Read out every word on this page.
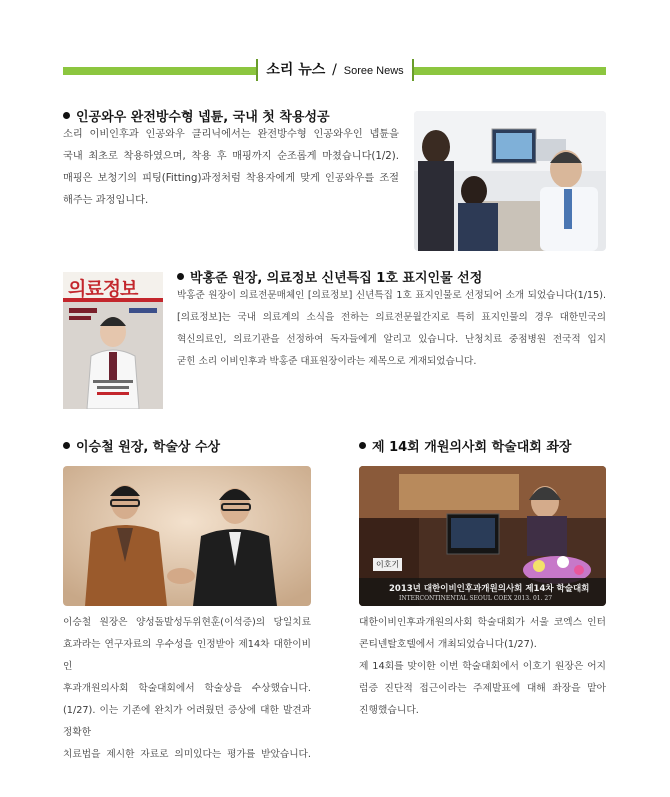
소리 뉴스 / Soree News
인공와우 완전방수형 넵튠, 국내 첫 착용성공
소리 이비인후과 인공와우 클리닉에서는 완전방수형 인공와우인 넵튠을
국내 최초로 착용하였으며, 착용 후 매핑까지 순조롭게 마쳤습니다(1/2).
매핑은 보청기의 피팅(Fitting)과정처럼 착용자에게 맞게 인공와우를 조절
해주는 과정입니다.
의료정보	박홍준 원장, 의료정보 신년특집 1호 표지인물 선정
박홍준 원장이 의료전문매체인 [의료정보] 신년특집 1호 표지인물로 선정되어 소개 되었습니다(1/15).
[의료정보]는 국내 의료계의 소식을 전하는 의료전문월간지로 특히 표지인물의 경우 대한민국의
혁신의료인, 의료기관을 선정하여 독자들에게 알리고 있습니다. 난청치료 중점병원 전국적 입지
굳힌 소리 이비인후과 박홍준 대표원장이라는 제목으로 게재되었습니다.
이승철 원장, 학술상 수상
이승철 원장은 양성돌발성두위현훈(이석증)의 당일치료
효과라는 연구자료의 우수성을 인정받아 제14차 대한이비인
후과개원의사회 학술대회에서 학술상을 수상했습니다.
(1/27). 이는 기존에 완치가 어려웠던 증상에 대한 발견과 정확한
치료법을 제시한 자료로 의미있다는 평가를 받았습니다.
제 14회 개원의사회 학술대회 좌장
이호기
2013년 대한이비인후과개원의사회 제14차 학술대회
INTERCONTINENTAL SEOUL COEX 2013. 01. 27
대한이비인후과개원의사회 학술대회가 서울 코엑스 인터
콘티넨탈호텔에서 개최되었습니다(1/27).
제 14회를 맞이한 이번 학술대회에서 이호기 원장은 어지
럼증 진단적 접근이라는 주제발표에 대해 좌장을 맡아
진행했습니다.
